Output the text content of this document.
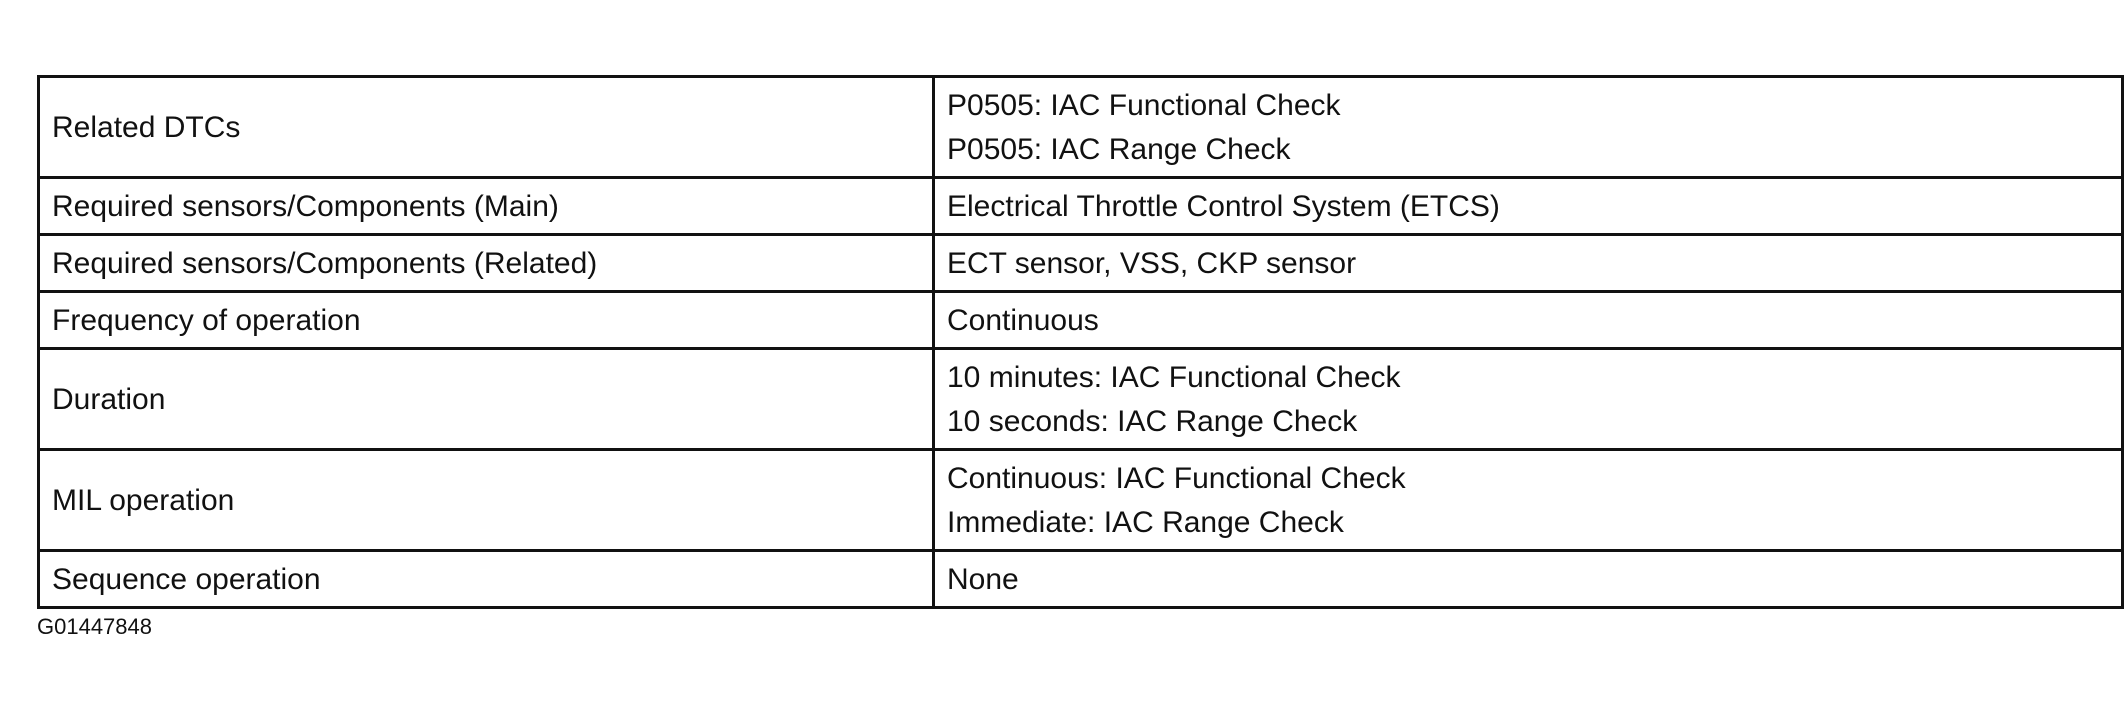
Related DTCs	P0505: IAC Functional Check
P0505: IAC Range Check

Required sensors/Components (Main)	Electrical Throttle Control System (ETCS)

Required sensors/Components (Related)	ECT sensor, VSS, CKP sensor

Frequency of operation	Continuous

Duration	10 minutes: IAC Functional Check
10 seconds: IAC Range Check

MIL operation	Continuous: IAC Functional Check
Immediate: IAC Range Check

Sequence operation	None
G01447848
